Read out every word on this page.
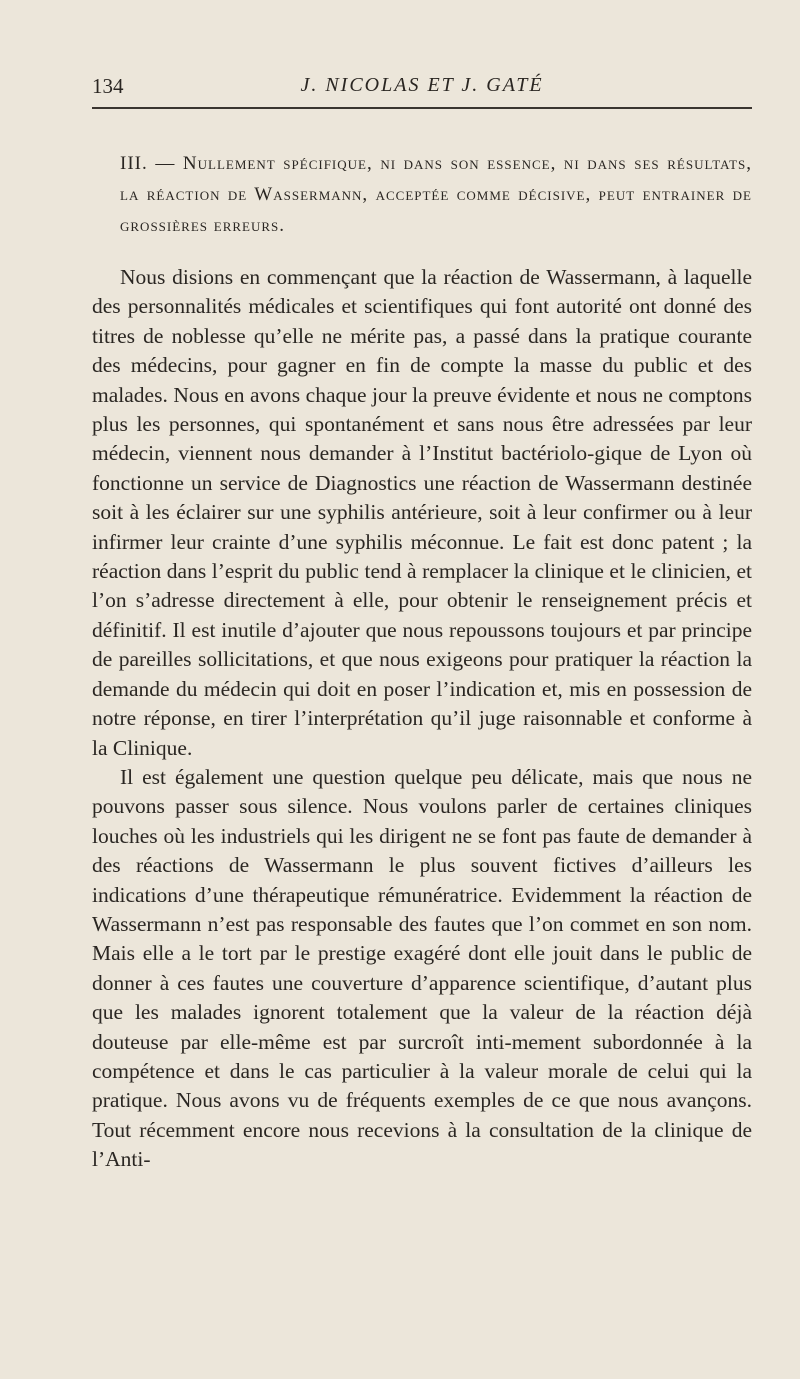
134	J. NICOLAS ET J. GATÉ
III. — Nullement spécifique, ni dans son essence, ni dans ses résultats, la réaction de Wassermann, acceptée comme décisive, peut entrainer de grossières erreurs.

Nous disions en commençant que la réaction de Wassermann, à laquelle des personnalités médicales et scientifiques qui font autorité ont donné des titres de noblesse qu’elle ne mérite pas, a passé dans la pratique courante des médecins, pour gagner en fin de compte la masse du public et des malades. Nous en avons chaque jour la preuve évidente et nous ne comptons plus les personnes, qui spontanément et sans nous être adressées par leur médecin, viennent nous demander à l’Institut bactériolo-gique de Lyon où fonctionne un service de Diagnostics une réaction de Wassermann destinée soit à les éclairer sur une syphilis antérieure, soit à leur confirmer ou à leur infirmer leur crainte d’une syphilis méconnue. Le fait est donc patent ; la réaction dans l’esprit du public tend à remplacer la clinique et le clinicien, et l’on s’adresse directement à elle, pour obtenir le renseignement précis et définitif. Il est inutile d’ajouter que nous repoussons toujours et par principe de pareilles sollicitations, et que nous exigeons pour pratiquer la réaction la demande du médecin qui doit en poser l’indication et, mis en possession de notre réponse, en tirer l’interprétation qu’il juge raisonnable et conforme à la Clinique.

Il est également une question quelque peu délicate, mais que nous ne pouvons passer sous silence. Nous voulons parler de certaines cliniques louches où les industriels qui les dirigent ne se font pas faute de demander à des réactions de Wassermann le plus souvent fictives d’ailleurs les indications d’une thérapeutique rémunératrice. Evidemment la réaction de Wassermann n’est pas responsable des fautes que l’on commet en son nom. Mais elle a le tort par le prestige exagéré dont elle jouit dans le public de donner à ces fautes une couverture d’apparence scientifique, d’autant plus que les malades ignorent totalement que la valeur de la réaction déjà douteuse par elle-même est par surcroît inti-mement subordonnée à la compétence et dans le cas particulier à la valeur morale de celui qui la pratique. Nous avons vu de fréquents exemples de ce que nous avançons. Tout récemment encore nous recevions à la consultation de la clinique de l’Anti-
